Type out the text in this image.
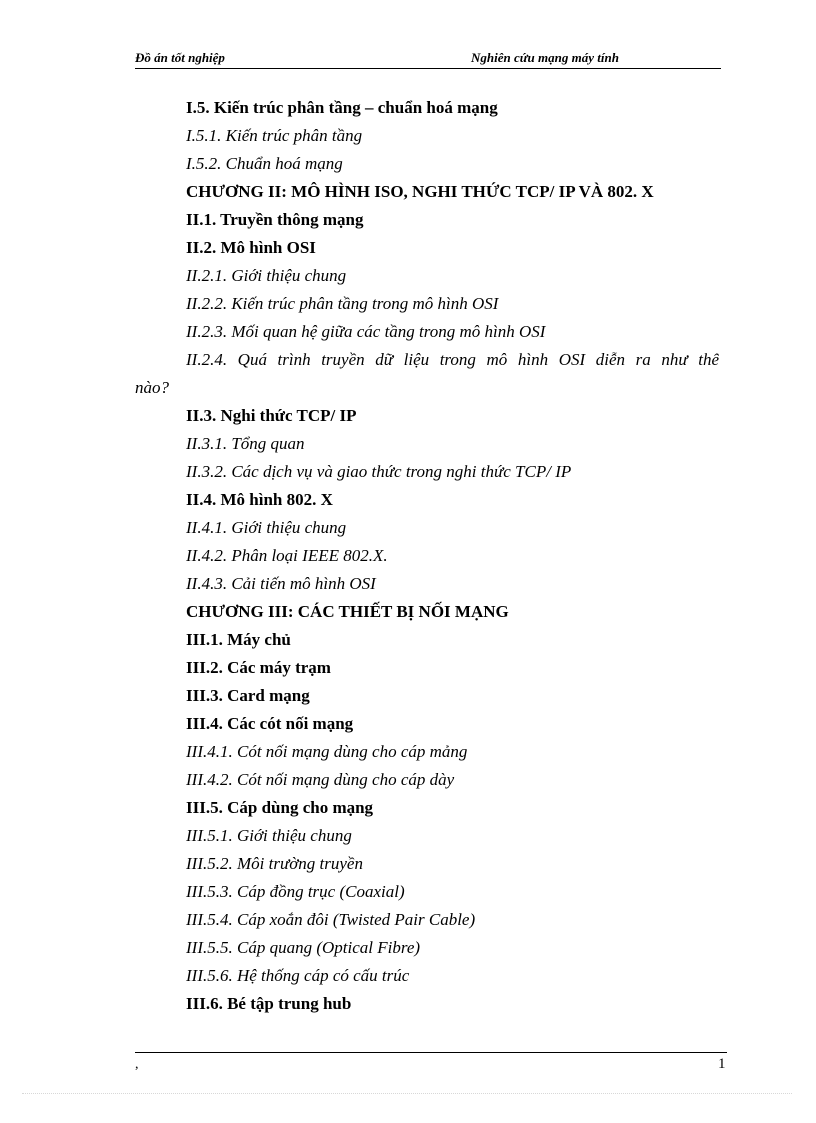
Đồ án tốt nghiệp	Nghiên cứu mạng máy tính
I.5. Kiến trúc phân tầng – chuẩn hoá mạng
I.5.1. Kiến trúc phân tầng
I.5.2. Chuẩn hoá mạng
CHƯƠNG II: MÔ HÌNH ISO, NGHI THỨC TCP/ IP VÀ 802. X
II.1. Truyền thông mạng
II.2. Mô hình OSI
II.2.1. Giới thiệu chung
II.2.2. Kiến trúc phân tầng trong mô hình OSI
II.2.3. Mối quan hệ giữa các tầng trong mô hình OSI
II.2.4. Quá trình truyền dữ liệu trong mô hình OSI diễn ra như thế
nào?
II.3. Nghi thức TCP/ IP
II.3.1. Tổng quan
II.3.2. Các dịch vụ và giao thức trong nghi thức TCP/ IP
II.4. Mô hình 802. X
II.4.1. Giới thiệu chung
II.4.2. Phân loại IEEE 802.X.
II.4.3. Cải tiến mô hình OSI
CHƯƠNG III: CÁC THIẾT BỊ NỐI MẠNG
III.1. Máy chủ
III.2. Các máy trạm
III.3. Card mạng
III.4. Các cót nối mạng
III.4.1. Cót nối mạng dùng cho cáp mảng
III.4.2. Cót nối mạng dùng cho cáp dày
III.5. Cáp dùng cho mạng
III.5.1. Giới thiệu chung
III.5.2. Môi trường truyền
III.5.3. Cáp đồng trục (Coaxial)
III.5.4. Cáp xoắn đôi (Twisted Pair Cable)
III.5.5. Cáp quang (Optical Fibre)
III.5.6. Hệ thống cáp có cấu trúc
III.6. Bé tập trung hub
,	1
